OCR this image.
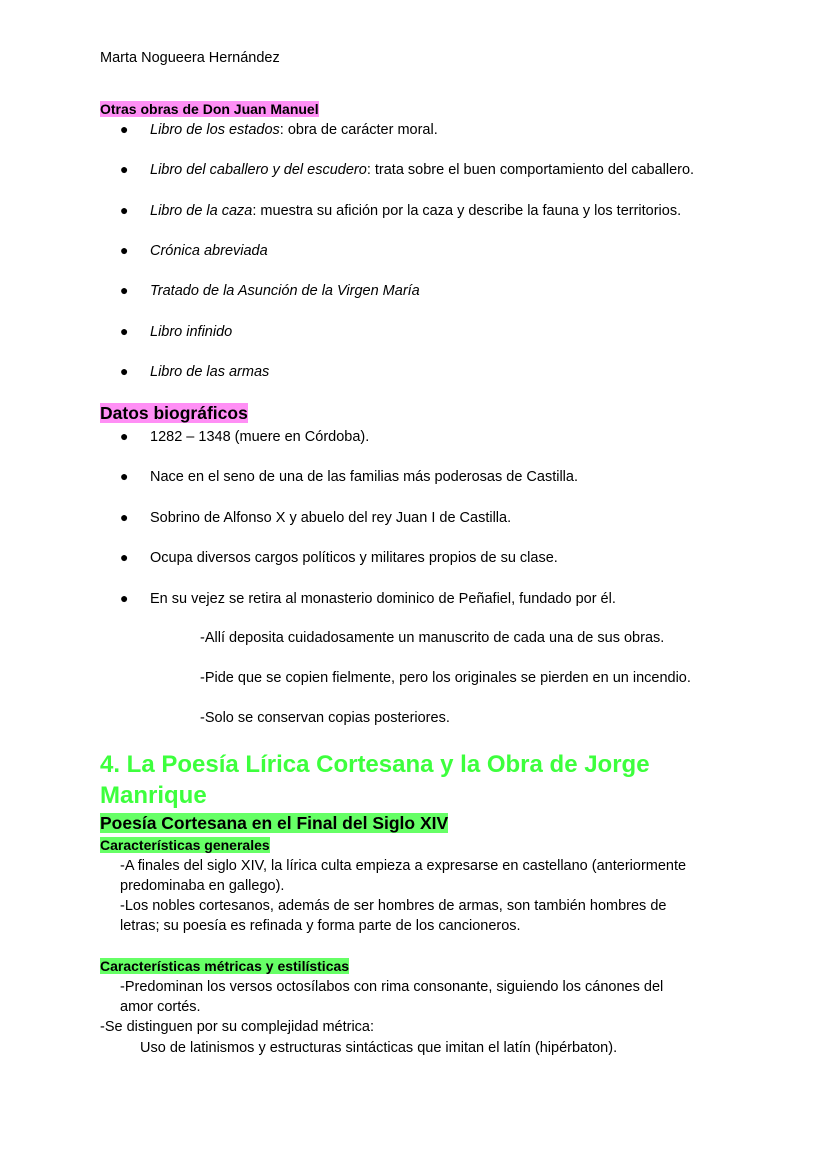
Marta Nogueera Hernández
Otras obras de Don Juan Manuel
● Libro de los estados: obra de carácter moral.
● Libro del caballero y del escudero: trata sobre el buen comportamiento del caballero.
● Libro de la caza: muestra su afición por la caza y describe la fauna y los territorios.
● Crónica abreviada
● Tratado de la Asunción de la Virgen María
● Libro infinido
● Libro de las armas
Datos biográficos
● 1282 – 1348 (muere en Córdoba).
● Nace en el seno de una de las familias más poderosas de Castilla.
● Sobrino de Alfonso X y abuelo del rey Juan I de Castilla.
● Ocupa diversos cargos políticos y militares propios de su clase.
● En su vejez se retira al monasterio dominico de Peñafiel, fundado por él.
-Allí deposita cuidadosamente un manuscrito de cada una de sus obras.
-Pide que se copien fielmente, pero los originales se pierden en un incendio.
-Solo se conservan copias posteriores.
4. La Poesía Lírica Cortesana y la Obra de Jorge
Manrique
Poesía Cortesana en el Final del Siglo XIV
Características generales
-A finales del siglo XIV, la lírica culta empieza a expresarse en castellano (anteriormente
predominaba en gallego).
-Los nobles cortesanos, además de ser hombres de armas, son también hombres de
letras; su poesía es refinada y forma parte de los cancioneros.
Características métricas y estilísticas
-Predominan los versos octosílabos con rima consonante, siguiendo los cánones del
amor cortés.
-Se distinguen por su complejidad métrica:
Uso de latinismos y estructuras sintácticas que imitan el latín (hipérbaton).
